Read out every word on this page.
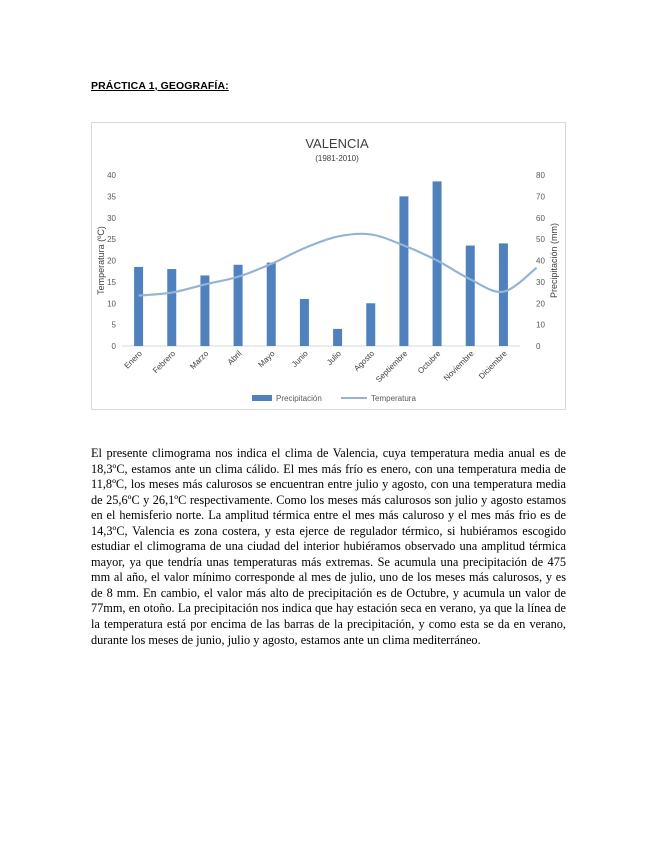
PRÁCTICA 1, GEOGRAFÍA:
VALENCIA
(1981-2010)
0
5
10
15
20
25
30
35
40
Temperatura (ºC)
0
10
20
30
40
50
60
70
80
Precipitación (mm)
Enero Febrero Marzo Abril Mayo Junio Julio Agosto
Septiembre Octubre Noviembre Diciembre
Precipitación	Temperatura

El presente climograma nos indica el clima de Valencia, cuya temperatura media anual es de 18,3ºC, estamos ante un clima cálido. El mes más frío es enero, con una temperatura media de 11,8ºC, los meses más calurosos se encuentran entre julio y agosto, con una temperatura media de 25,6ºC y 26,1ºC respectivamente. Como los meses más calurosos son julio y agosto estamos en el hemisferio norte. La amplitud térmica entre el mes más caluroso y el mes más frio es de 14,3ºC, Valencia es zona costera, y esta ejerce de regulador térmico, si hubiéramos escogido estudiar el climograma de una ciudad del interior hubiéramos observado una amplitud térmica mayor, ya que tendría unas temperaturas más extremas. Se acumula una precipitación de 475 mm al año, el valor mínimo corresponde al mes de julio, uno de los meses más calurosos, y es de 8 mm. En cambio, el valor más alto de precipitación es de Octubre, y acumula un valor de 77mm, en otoño. La precipitación nos indica que hay estación seca en verano, ya que la línea de la temperatura está por encima de las barras de la precipitación, y como esta se da en verano, durante los meses de junio, julio y agosto, estamos ante un clima mediterráneo.
